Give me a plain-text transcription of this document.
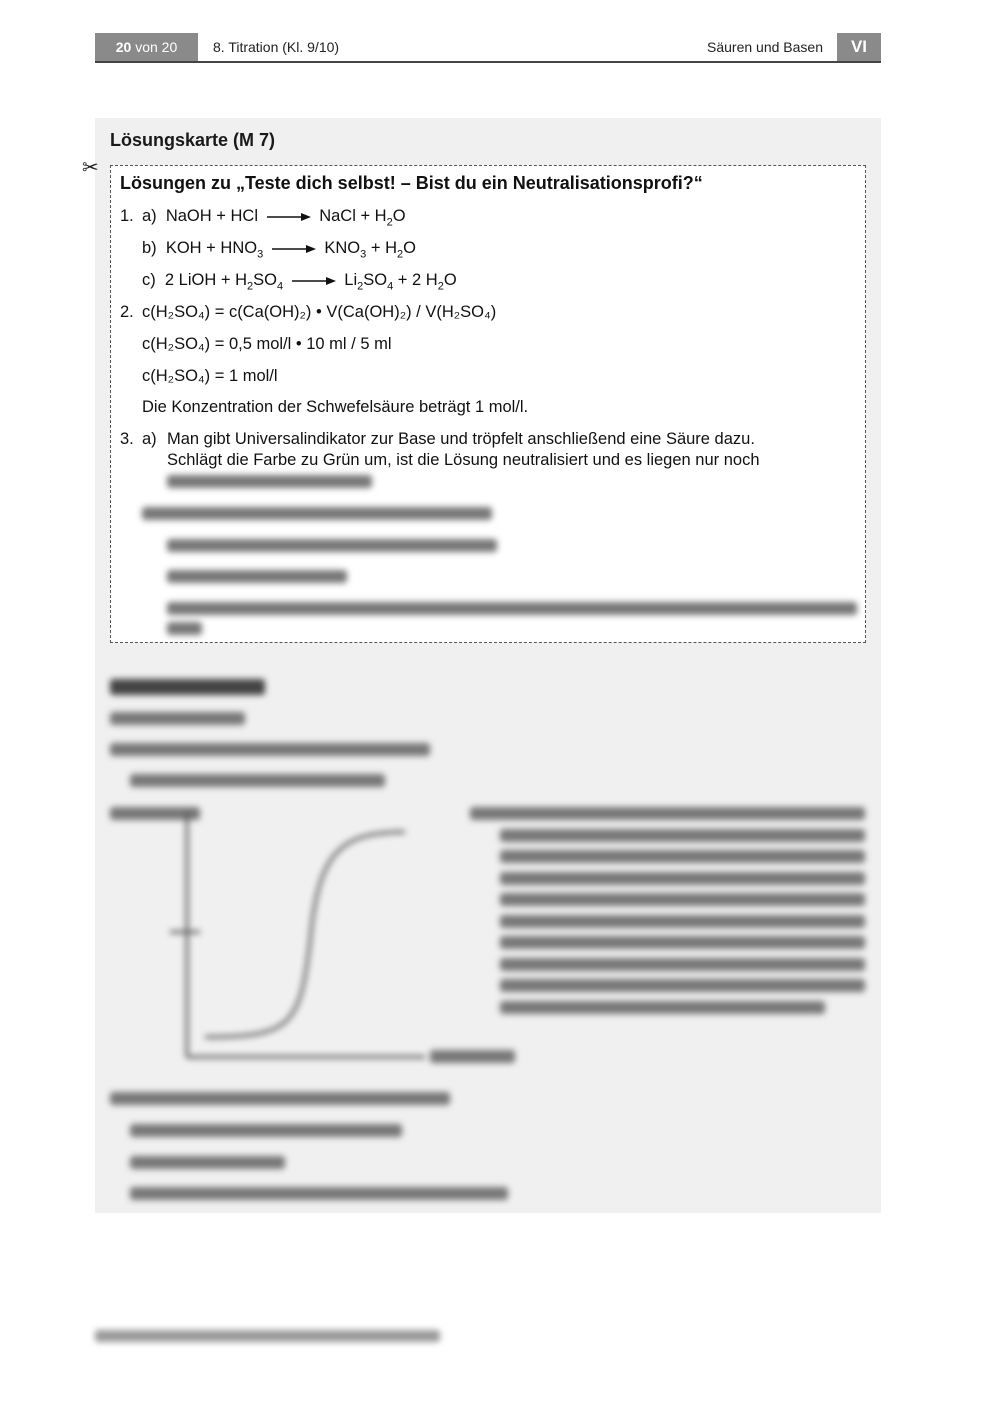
20 von 20	8. Titration (Kl. 9/10)	Säuren und Basen	VI
Lösungskarte (M 7)
✂
Lösungen zu „Teste dich selbst! – Bist du ein Neutralisationsprofi?“
1. a) NaOH + HCl → NaCl + $H_2O$
b) KOH + $HNO_3 \to KNO_3 + H_2O$
c) 2 LiOH + $H_2SO_4 \to Li_2SO_4 + 2$ $H_2O$
2. c(H₂SO₄) = c(Ca(OH)₂) • V(Ca(OH)₂) / V(H₂SO₄)
c(H₂SO₄) = 0,5 mol/l • 10 ml / 5 ml
c(H₂SO₄) = 1 mol/l
Die Konzentration der Schwefelsäure beträgt 1 mol/l.
3. a) Man gibt Universalindikator zur Base und tröpfelt anschließend eine Säure dazu.
Schlägt die Farbe zu Grün um, ist die Lösung neutralisiert und es liegen nur noch
